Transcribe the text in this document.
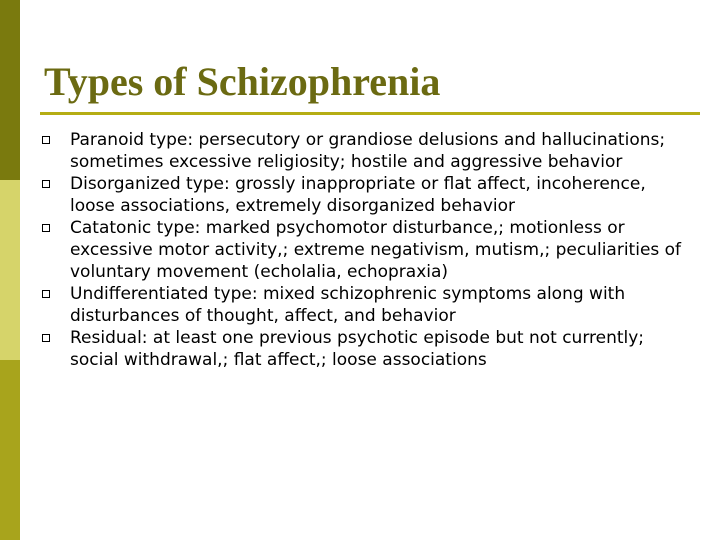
Types of Schizophrenia
Paranoid type: persecutory or grandiose delusions and hallucinations; sometimes excessive religiosity; hostile and aggressive behavior
Disorganized type: grossly inappropriate or flat affect, incoherence, loose associations, extremely disorganized behavior
Catatonic type: marked psychomotor disturbance,; motionless or excessive motor activity,; extreme negativism, mutism,; peculiarities of voluntary movement (echolalia, echopraxia)
Undifferentiated type: mixed schizophrenic symptoms along with disturbances of thought, affect, and behavior
Residual: at least one previous psychotic episode but not currently; social withdrawal,; flat affect,; loose associations
